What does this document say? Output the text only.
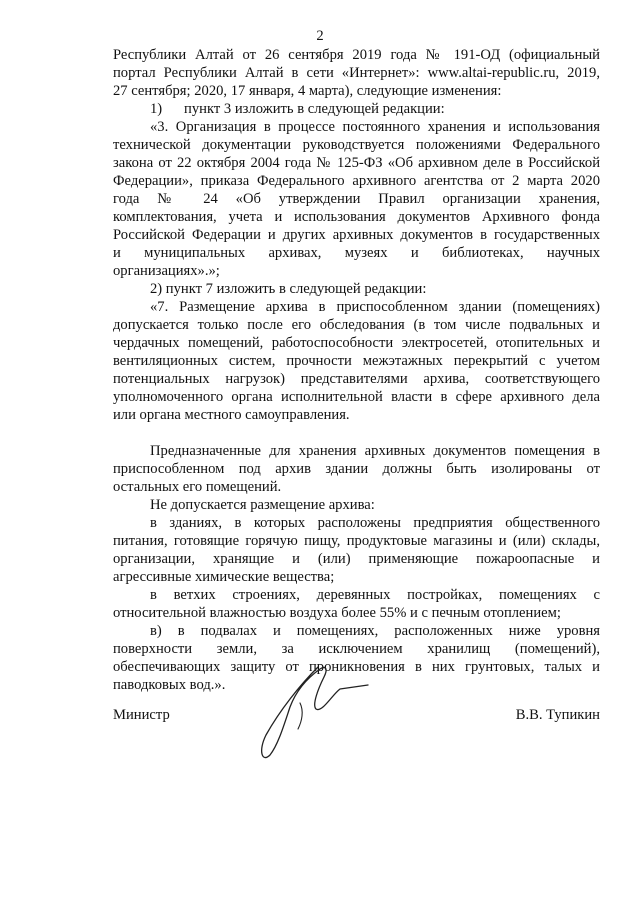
2
Республики Алтай от 26 сентября 2019 года № 191-ОД (официальный
портал Республики Алтай в сети «Интернет»: www.altai-republic.ru, 2019,
27 сентября; 2020, 17 января, 4 марта), следующие изменения:
1)      пункт 3 изложить в следующей редакции:
«3. Организация в процессе постоянного хранения и использования
технической документации руководствуется положениями Федерального
закона от 22 октября 2004 года № 125-ФЗ «Об архивном деле в Российской
Федерации», приказа Федерального архивного агентства от 2 марта 2020
года № 24 «Об утверждении Правил организации хранения,
комплектования, учета и использования документов Архивного фонда
Российской Федерации и других архивных документов в государственных
и муниципальных архивах, музеях и библиотеках, научных
организациях».»;
2) пункт 7 изложить в следующей редакции:
«7. Размещение архива в приспособленном здании (помещениях)
допускается только после его обследования (в том числе подвальных и
чердачных помещений, работоспособности электросетей, отопительных и
вентиляционных систем, прочности межэтажных перекрытий с учетом
потенциальных нагрузок) представителями архива, соответствующего
уполномоченного органа исполнительной власти в сфере архивного дела
или органа местного самоуправления.
Предназначенные для хранения архивных документов помещения в
приспособленном под архив здании должны быть изолированы от
остальных его помещений.
Не допускается размещение архива:
в зданиях, в которых расположены предприятия общественного
питания, готовящие горячую пищу, продуктовые магазины и (или) склады,
организации, хранящие и (или) применяющие пожароопасные и
агрессивные химические вещества;
в ветхих строениях, деревянных постройках, помещениях с
относительной влажностью воздуха более 55% и с печным отоплением;
в) в подвалах и помещениях, расположенных ниже уровня
поверхности земли, за исключением хранилищ (помещений),
обеспечивающих защиту от проникновения в них грунтовых, талых и
паводковых вод.».
Министр	В.В. Тупикин
